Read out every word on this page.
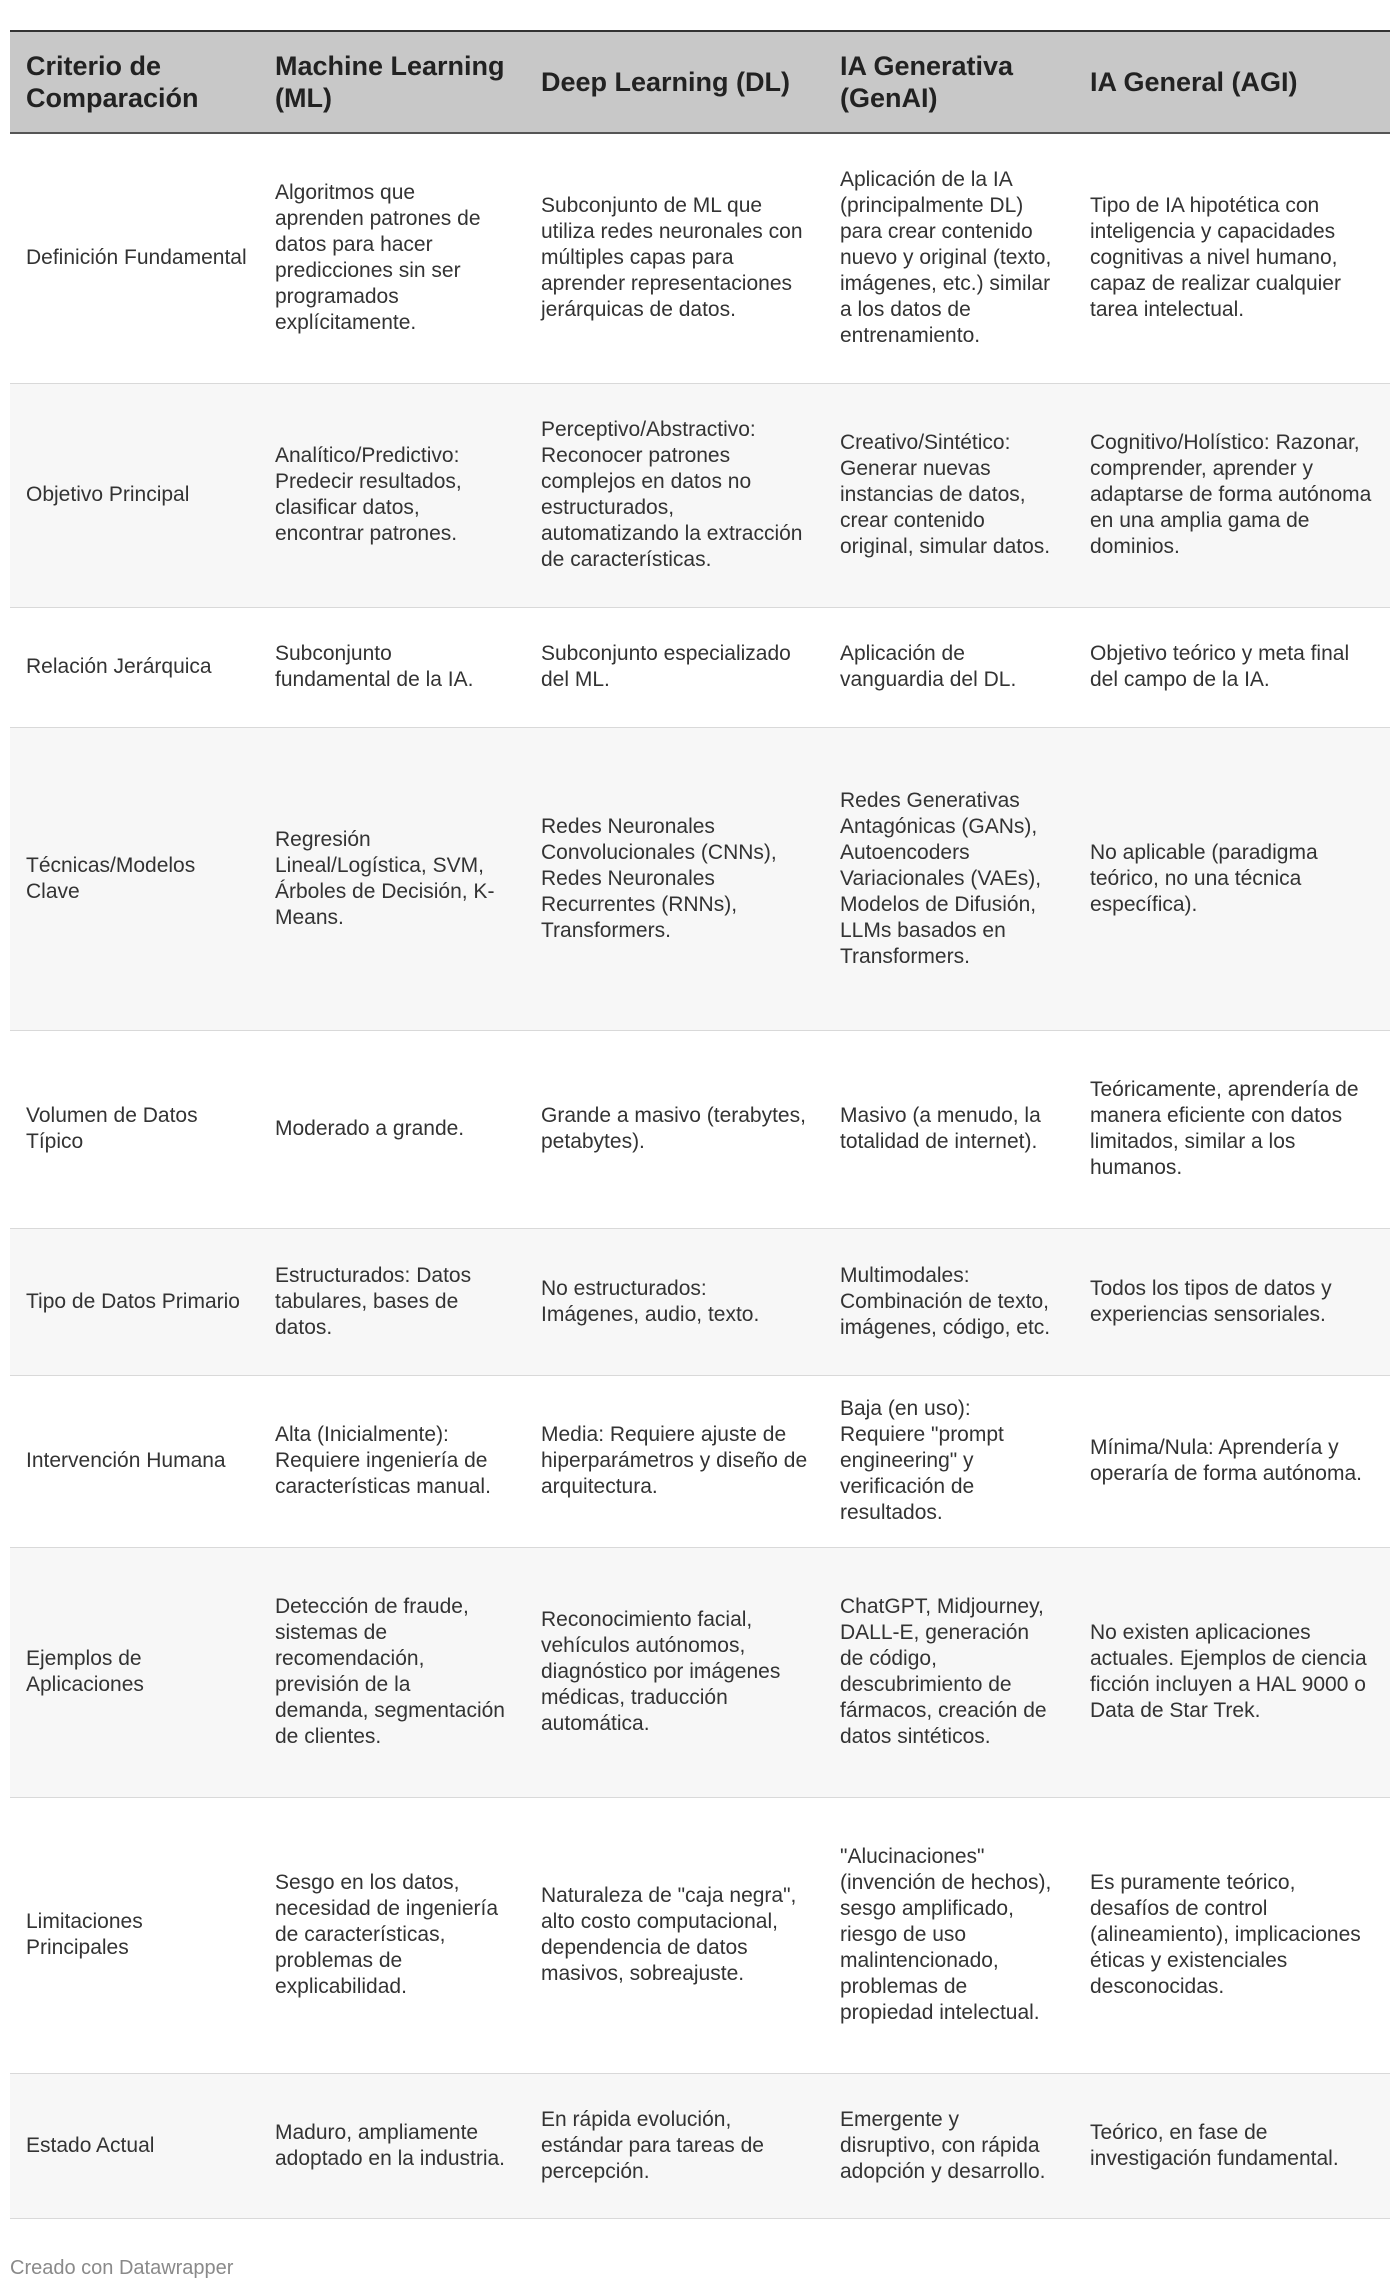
Criterio de Comparación	Machine Learning (ML)	Deep Learning (DL)	IA Generativa (GenAI)	IA General (AGI)
Definición Fundamental	Algoritmos que aprenden patrones de datos para hacer predicciones sin ser programados explícitamente.	Subconjunto de ML que utiliza redes neuronales con múltiples capas para aprender representaciones jerárquicas de datos.	Aplicación de la IA (principalmente DL) para crear contenido nuevo y original (texto, imágenes, etc.) similar a los datos de entrenamiento.	Tipo de IA hipotética con inteligencia y capacidades cognitivas a nivel humano, capaz de realizar cualquier tarea intelectual.
Objetivo Principal	Analítico/Predictivo: Predecir resultados, clasificar datos, encontrar patrones.	Perceptivo/Abstractivo: Reconocer patrones complejos en datos no estructurados, automatizando la extracción de características.	Creativo/Sintético: Generar nuevas instancias de datos, crear contenido original, simular datos.	Cognitivo/Holístico: Razonar, comprender, aprender y adaptarse de forma autónoma en una amplia gama de dominios.
Relación Jerárquica	Subconjunto fundamental de la IA.	Subconjunto especializado del ML.	Aplicación de vanguardia del DL.	Objetivo teórico y meta final del campo de la IA.
Técnicas/Modelos Clave	Regresión Lineal/Logística, SVM, Árboles de Decisión, K-Means.	Redes Neuronales Convolucionales (CNNs), Redes Neuronales Recurrentes (RNNs), Transformers.	Redes Generativas Antagónicas (GANs), Autoencoders Variacionales (VAEs), Modelos de Difusión, LLMs basados en Transformers.	No aplicable (paradigma teórico, no una técnica específica).
Volumen de Datos Típico	Moderado a grande.	Grande a masivo (terabytes, petabytes).	Masivo (a menudo, la totalidad de internet).	Teóricamente, aprendería de manera eficiente con datos limitados, similar a los humanos.
Tipo de Datos Primario	Estructurados: Datos tabulares, bases de datos.	No estructurados: Imágenes, audio, texto.	Multimodales: Combinación de texto, imágenes, código, etc.	Todos los tipos de datos y experiencias sensoriales.
Intervención Humana	Alta (Inicialmente): Requiere ingeniería de características manual.	Media: Requiere ajuste de hiperparámetros y diseño de arquitectura.	Baja (en uso): Requiere "prompt engineering" y verificación de resultados.	Mínima/Nula: Aprendería y operaría de forma autónoma.
Ejemplos de Aplicaciones	Detección de fraude, sistemas de recomendación, previsión de la demanda, segmentación de clientes.	Reconocimiento facial, vehículos autónomos, diagnóstico por imágenes médicas, traducción automática.	ChatGPT, Midjourney, DALL-E, generación de código, descubrimiento de fármacos, creación de datos sintéticos.	No existen aplicaciones actuales. Ejemplos de ciencia ficción incluyen a HAL 9000 o Data de Star Trek.
Limitaciones Principales	Sesgo en los datos, necesidad de ingeniería de características, problemas de explicabilidad.	Naturaleza de "caja negra", alto costo computacional, dependencia de datos masivos, sobreajuste.	"Alucinaciones" (invención de hechos), sesgo amplificado, riesgo de uso malintencionado, problemas de propiedad intelectual.	Es puramente teórico, desafíos de control (alineamiento), implicaciones éticas y existenciales desconocidas.
Estado Actual	Maduro, ampliamente adoptado en la industria.	En rápida evolución, estándar para tareas de percepción.	Emergente y disruptivo, con rápida adopción y desarrollo.	Teórico, en fase de investigación fundamental.
Creado con Datawrapper
